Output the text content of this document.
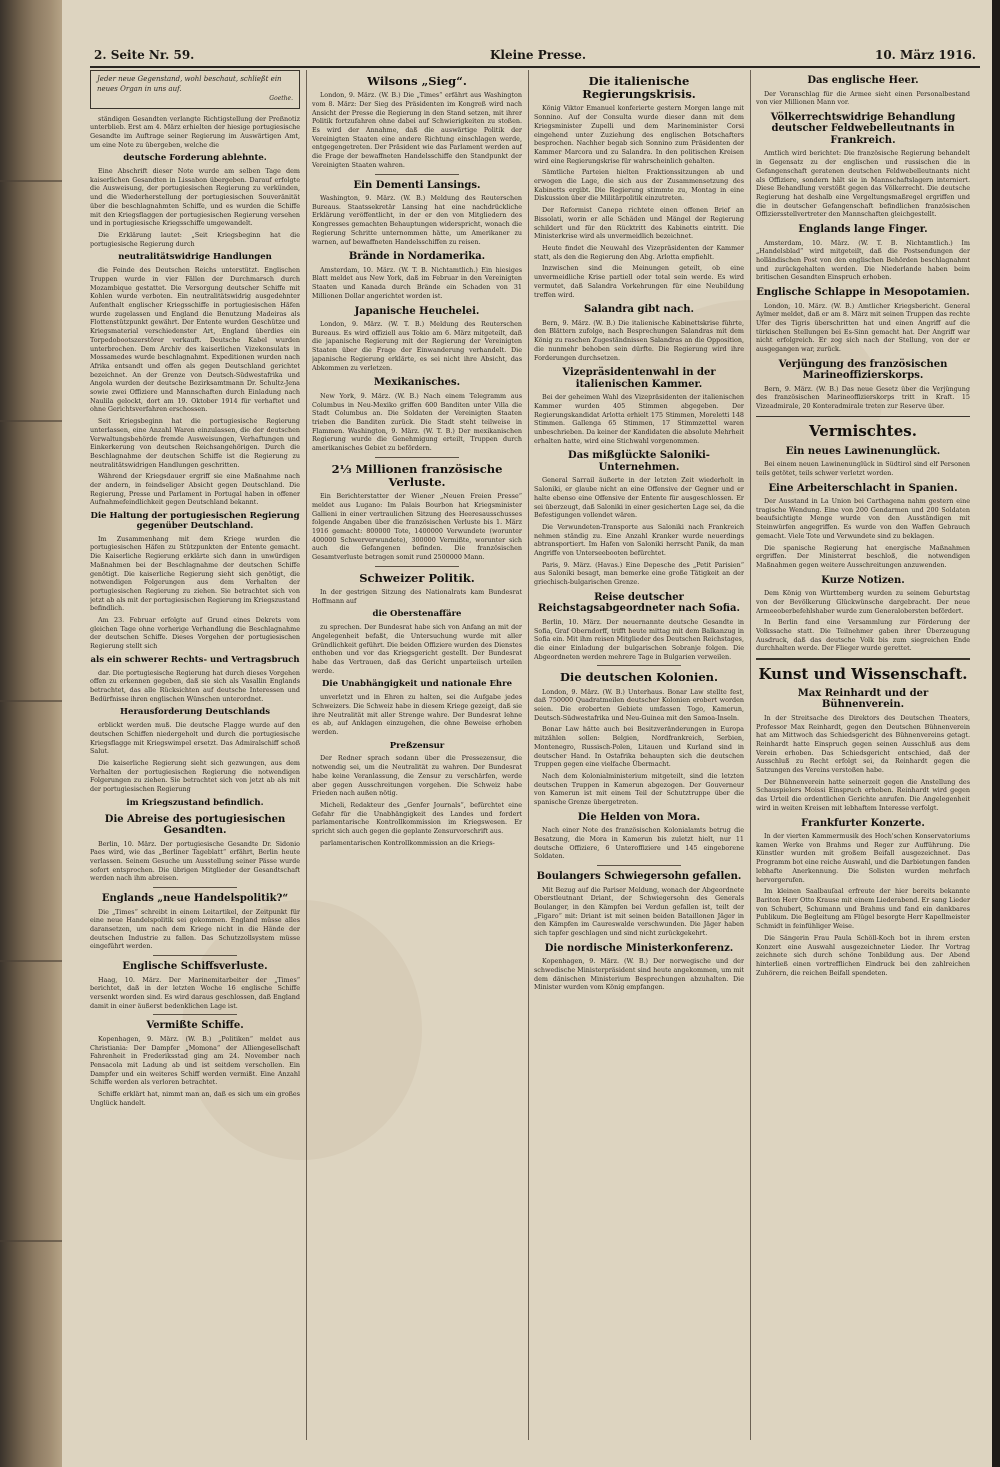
2. Seite Nr. 59.	Kleine Presse.	10. März 1916.
Jeder neue Gegenstand, wohl beschaut, schließt ein neues Organ in uns auf.
Goethe.

ständigen Gesandten verlangte Richtigstellung der Preßnotiz unterblieb. Erst am 4. März erhielten der hiesige portugiesische Gesandte im Auftrage seiner Regierung im Auswärtigen Amt, um eine Note zu übergeben, welche die

deutsche Forderung ablehnte.

Eine Abschrift dieser Note wurde am selben Tage dem kaiserlichen Gesandten in Lissabon übergeben. Darauf erfolgte die Ausweisung, der portugiesischen Regierung zu verkünden, und die Wiederherstellung der portugiesischen Souveränität über die beschlagnahmten Schiffe, und es wurden die Schiffe mit den Kriegsflaggen der portugiesischen Regierung versehen und in portugiesische Kriegsschiffe umgewandelt.

Die Erklärung lautet: „Seit Kriegsbeginn hat die portugiesische Regierung durch

neutralitätswidrige Handlungen

die Feinde des Deutschen Reichs unterstützt. Englischen Truppen wurde in vier Fällen der Durchmarsch durch Mozambique gestattet. Die Versorgung deutscher Schiffe mit Kohlen wurde verboten. Ein neutralitätswidrig ausgedehnter Aufenthalt englischer Kriegsschiffe in portugiesischen Häfen wurde zugelassen und England die Benutzung Madeiras als Flottenstützpunkt gewährt. Der Entente wurden Geschütze und Kriegsmaterial verschiedenster Art, England überdies ein Torpedobootszerstörer verkauft. Deutsche Kabel wurden unterbrochen. Dem Archiv des kaiserlichen Vizekonsulats in Mossamedes wurde beschlagnahmt. Expeditionen wurden nach Afrika entsandt und offen als gegen Deutschland gerichtet bezeichnet. An der Grenze von Deutsch-Südwestafrika und Angola wurden der deutsche Bezirksamtmann Dr. Schultz-Jena sowie zwei Offiziere und Mannschaften durch Einladung nach Naulila gelockt, dort am 19. Oktober 1914 für verhaftet und ohne Gerichtsverfahren erschossen.

Seit Kriegsbeginn hat die portugiesische Regierung unterlassen, eine Anzahl Waren einzulassen, die der deutschen Verwaltungsbehörde fremde Ausweisungen, Verhaftungen und Einkerkerung von deutschen Reichsangehörigen. Durch die Beschlagnahme der deutschen Schiffe ist die Regierung zu neutralitätswidrigen Handlungen geschritten.

Während der Kriegsdauer ergriff sie eine Maßnahme nach der andern, in feindseliger Absicht gegen Deutschland. Die Regierung, Presse und Parlament in Portugal haben in offener Aufnahmefeindlichkeit gegen Deutschland bekannt.

Die Haltung der portugiesischen Regierung gegenüber Deutschland.

Im Zusammenhang mit dem Kriege wurden die portugiesischen Häfen zu Stützpunkten der Entente gemacht. Die Kaiserliche Regierung erklärte sich dann in unwürdigen Maßnahmen bei der Beschlagnahme der deutschen Schiffe genötigt. Die kaiserliche Regierung sieht sich genötigt, die notwendigen Folgerungen aus dem Verhalten der portugiesischen Regierung zu ziehen. Sie betrachtet sich von jetzt ab als mit der portugiesischen Regierung im Kriegszustand befindlich.

Am 23. Februar erfolgte auf Grund eines Dekrets vom gleichen Tage ohne vorherige Verhandlung die Beschlagnahme der deutschen Schiffe. Dieses Vorgehen der portugiesischen Regierung stellt sich

als ein schwerer Rechts- und Vertragsbruch

dar. Die portugiesische Regierung hat durch dieses Vorgehen offen zu erkennen gegeben, daß sie sich als Vasallin Englands betrachtet, das alle Rücksichten auf deutsche Interessen und Bedürfnisse ihren englischen Wünschen unterordnet.

Herausforderung Deutschlands

erblickt werden muß. Die deutsche Flagge wurde auf den deutschen Schiffen niedergeholt und durch die portugiesische Kriegsflagge mit Kriegswimpel ersetzt. Das Admiralschiff schoß Salut.

Die kaiserliche Regierung sieht sich gezwungen, aus dem Verhalten der portugiesischen Regierung die notwendigen Folgerungen zu ziehen. Sie betrachtet sich von jetzt ab als mit der portugiesischen Regierung

im Kriegszustand befindlich.
Die Abreise des portugiesischen Gesandten.

Berlin, 10. März. Der portugiesische Gesandte Dr. Sidonio Paes wird, wie das „Berliner Tageblatt“ erfährt, Berlin heute verlassen. Seinem Gesuche um Ausstellung seiner Pässe wurde sofort entsprochen. Die übrigen Mitglieder der Gesandtschaft werden nach ihm abreisen.

Englands „neue Handelspolitik?“

Die „Times“ schreibt in einem Leitartikel, der Zeitpunkt für eine neue Handelspolitik sei gekommen. England müsse alles daransetzen, um nach dem Kriege nicht in die Hände der deutschen Industrie zu fallen. Das Schutzzollsystem müsse eingeführt werden.

Englische Schiffsverluste.

Haag, 10. März. Der Marinemitarbeiter der „Times“ berichtet, daß in der letzten Woche 16 englische Schiffe versenkt worden sind. Es wird daraus geschlossen, daß England damit in einer äußerst bedenklichen Lage ist.

Vermißte Schiffe.

Kopenhagen, 9. März. (W. B.) „Politiken“ meldet aus Christiania: Der Dampfer „Momona“ der Alliengesellschaft Fahrenheit in Frederiksstad ging am 24. November nach Pensacola mit Ladung ab und ist seitdem verschollen. Ein Dampfer und ein weiteres Schiff werden vermißt. Eine Anzahl Schiffe werden als verloren betrachtet.

Schiffe erklärt hat, nimmt man an, daß es sich um ein großes Unglück handelt.

Wilsons „Sieg“.

London, 9. März. (W. B.) Die „Times“ erfährt aus Washington vom 8. März: Der Sieg des Präsidenten im Kongreß wird nach Ansicht der Presse die Regierung in den Stand setzen, mit ihrer Politik fortzufahren ohne dabei auf Schwierigkeiten zu stoßen. Es wird der Annahme, daß die auswärtige Politik der Vereinigten Staaten eine andere Richtung einschlagen werde, entgegengetreten. Der Präsident wie das Parlament werden auf die Frage der bewaffneten Handelsschiffe den Standpunkt der Vereinigten Staaten wahren.

Ein Dementi Lansings.

Washington, 9. März. (W. B.) Meldung des Reuterschen Bureaus. Staatssekretär Lansing hat eine nachdrückliche Erklärung veröffentlicht, in der er den von Mitgliedern des Kongresses gemachten Behauptungen widerspricht, wonach die Regierung Schritte unternommen hätte, um Amerikaner zu warnen, auf bewaffneten Handelsschiffen zu reisen.

Brände in Nordamerika.

Amsterdam, 10. März. (W. T. B. Nichtamtlich.) Ein hiesiges Blatt meldet aus New York, daß im Februar in den Vereinigten Staaten und Kanada durch Brände ein Schaden von 31 Millionen Dollar angerichtet worden ist.

Japanische Heuchelei.

London, 9. März. (W. T. B.) Meldung des Reuterschen Bureaus. Es wird offiziell aus Tokio am 6. März mitgeteilt, daß die japanische Regierung mit der Regierung der Vereinigten Staaten über die Frage der Einwanderung verhandelt. Die japanische Regierung erklärte, es sei nicht ihre Absicht, das Abkommen zu verletzen.

Mexikanisches.

New York, 9. März. (W. B.) Nach einem Telegramm aus Columbus in Neu-Mexiko griffen 600 Banditen unter Villa die Stadt Columbus an. Die Soldaten der Vereinigten Staaten trieben die Banditen zurück. Die Stadt steht teilweise in Flammen. Washington, 9. März. (W. T. B.) Der mexikanischen Regierung wurde die Genehmigung erteilt, Truppen durch amerikanisches Gebiet zu befördern.

2⅓ Millionen französische Verluste.

Ein Berichterstatter der Wiener „Neuen Freien Presse“ meldet aus Lugano: Im Palais Bourbon hat Kriegsminister Gallieni in einer vertraulichen Sitzung des Heeresausschusses folgende Angaben über die französischen Verluste bis 1. März 1916 gemacht: 800000 Tote, 1400000 Verwundete (worunter 400000 Schwerverwundete), 300000 Vermißte, worunter sich auch die Gefangenen befinden. Die französischen Gesamtverluste betragen somit rund 2500000 Mann.

Schweizer Politik.

In der gestrigen Sitzung des Nationalrats kam Bundesrat Hoffmann auf

die Oberstenaffäre

zu sprechen. Der Bundesrat habe sich von Anfang an mit der Angelegenheit befaßt, die Untersuchung wurde mit aller Gründlichkeit geführt. Die beiden Offiziere wurden des Dienstes enthoben und vor das Kriegsgericht gestellt. Der Bundesrat habe das Vertrauen, daß das Gericht unparteiisch urteilen werde.

Die Unabhängigkeit und nationale Ehre

unverletzt und in Ehren zu halten, sei die Aufgabe jedes Schweizers. Die Schweiz habe in diesem Kriege gezeigt, daß sie ihre Neutralität mit aller Strenge wahre. Der Bundesrat lehne es ab, auf Anklagen einzugehen, die ohne Beweise erhoben werden.

Preßzensur

Der Redner sprach sodann über die Pressezensur, die notwendig sei, um die Neutralität zu wahren. Der Bundesrat habe keine Veranlassung, die Zensur zu verschärfen, werde aber gegen Ausschreitungen vorgehen. Die Schweiz habe Frieden nach außen nötig.

Micheli, Redakteur des „Genfer Journals“, befürchtet eine Gefahr für die Unabhängigkeit des Landes und fordert parlamentarische Kontrollkommission im Kriegswesen. Er spricht sich auch gegen die geplante Zensurvorschrift aus.

parlamentarischen Kontrollkommission an die Kriegs-

Die italienische Regierungskrisis.

König Viktor Emanuel konferierte gestern Morgen lange mit Sonnino. Auf der Consulta wurde dieser dann mit dem Kriegsminister Zupelli und dem Marineminister Corsi eingehend unter Zuziehung des englischen Botschafters besprochen. Nachher begab sich Sonnino zum Präsidenten der Kammer Marcora und zu Salandra. In den politischen Kreisen wird eine Regierungskrise für wahrscheinlich gehalten.

Sämtliche Parteien hielten Fraktionssitzungen ab und erwogen die Lage, die sich aus der Zusammensetzung des Kabinetts ergibt. Die Regierung stimmte zu, Montag in eine Diskussion über die Militärpolitik einzutreten.

Der Reformist Canepa richtete einen offenen Brief an Bissolati, worin er alle Schäden und Mängel der Regierung schildert und für den Rücktritt des Kabinetts eintritt. Die Ministerkrise wird als unvermeidlich bezeichnet.

Heute findet die Neuwahl des Vizepräsidenten der Kammer statt, als den die Regierung den Abg. Arlotta empfiehlt.

Inzwischen sind die Meinungen geteilt, ob eine unvermeidliche Krise partiell oder total sein werde. Es wird vermutet, daß Salandra Vorkehrungen für eine Neubildung treffen wird.

Salandra gibt nach.

Bern, 9. März. (W. B.) Die italienische Kabinettskrise führte, den Blättern zufolge, nach Besprechungen Salandras mit dem König zu raschen Zugeständnissen Salandras an die Opposition, die nunmehr behoben sein dürfte. Die Regierung wird ihre Forderungen durchsetzen.

Vizepräsidentenwahl in der italienischen Kammer.

Bei der geheimen Wahl des Vizepräsidenten der italienischen Kammer wurden 405 Stimmen abgegeben. Der Regierungskandidat Arlotta erhielt 175 Stimmen, Moreletti 148 Stimmen. Gallenga 65 Stimmen, 17 Stimmzettel waren unbeschrieben. Da keiner der Kandidaten die absolute Mehrheit erhalten hatte, wird eine Stichwahl vorgenommen.

Das mißglückte Saloniki-Unternehmen.

General Sarrail äußerte in der letzten Zeit wiederholt in Saloniki, er glaube nicht an eine Offensive der Gegner und er halte ebenso eine Offensive der Entente für ausgeschlossen. Er sei überzeugt, daß Saloniki in einer gesicherten Lage sei, da die Befestigungen vollendet wären.

Die Verwundeten-Transporte aus Saloniki nach Frankreich nehmen ständig zu. Eine Anzahl Kranker wurde neuerdings abtransportiert. Im Hafen von Saloniki herrscht Panik, da man Angriffe von Unterseebooten befürchtet.

Paris, 9. März. (Havas.) Eine Depesche des „Petit Parisien“ aus Saloniki besagt, man bemerke eine große Tätigkeit an der griechisch-bulgarischen Grenze.

Reise deutscher Reichstagsabgeordneter nach Sofia.

Berlin, 10. März. Der neuernannte deutsche Gesandte in Sofia, Graf Oberndorff, trifft heute mittag mit dem Balkanzug in Sofia ein. Mit ihm reisen Mitglieder des Deutschen Reichstages, die einer Einladung der bulgarischen Sobranje folgen. Die Abgeordneten werden mehrere Tage in Bulgarien verweilen.

Die deutschen Kolonien.

London, 9. März. (W. B.) Unterhaus. Bonar Law stellte fest, daß 750000 Quadratmeilen deutscher Kolonien erobert worden seien. Die eroberten Gebiete umfassen Togo, Kamerun, Deutsch-Südwestafrika und Neu-Guinea mit den Samoa-Inseln.

Bonar Law hätte auch bei Besitzveränderungen in Europa mitzählen sollen: Belgien, Nordfrankreich, Serbien, Montenegro, Russisch-Polen, Litauen und Kurland sind in deutscher Hand. In Ostafrika behaupten sich die deutschen Truppen gegen eine vielfache Übermacht.

Nach dem Kolonialministerium mitgeteilt, sind die letzten deutschen Truppen in Kamerun abgezogen. Der Gouverneur von Kamerun ist mit einem Teil der Schutztruppe über die spanische Grenze übergetreten.

Die Helden von Mora.

Nach einer Note des französischen Kolonialamts betrug die Besatzung, die Mora in Kamerun bis zuletzt hielt, nur 11 deutsche Offiziere, 6 Unteroffiziere und 145 eingeborene Soldaten.

Boulangers Schwiegersohn gefallen.

Mit Bezug auf die Pariser Meldung, wonach der Abgeordnete Oberstleutnant Driant, der Schwiegersohn des Generals Boulanger, in den Kämpfen bei Verdun gefallen ist, teilt der „Figaro“ mit: Driant ist mit seinen beiden Bataillonen Jäger in den Kämpfen im Caureswalde verschwunden. Die Jäger haben sich tapfer geschlagen und sind nicht zurückgekehrt.

Die nordische Ministerkonferenz.

Kopenhagen, 9. März. (W. B.) Der norwegische und der schwedische Ministerpräsident sind heute angekommen, um mit dem dänischen Ministerium Besprechungen abzuhalten. Die Minister wurden vom König empfangen.

Das englische Heer.

Der Voranschlag für die Armee sieht einen Personalbestand von vier Millionen Mann vor.

Völkerrechtswidrige Behandlung deutscher Feldwebelleutnants in Frankreich.

Amtlich wird berichtet: Die französische Regierung behandelt in Gegensatz zu der englischen und russischen die in Gefangenschaft geratenen deutschen Feldwebelleutnants nicht als Offiziere, sondern hält sie in Mannschaftslagern interniert. Diese Behandlung verstößt gegen das Völkerrecht. Die deutsche Regierung hat deshalb eine Vergeltungsmaßregel ergriffen und die in deutscher Gefangenschaft befindlichen französischen Offiziersstellvertreter den Mannschaften gleichgestellt.

Englands lange Finger.

Amsterdam, 10. März. (W. T. B. Nichtamtlich.) Im „Handelsblad“ wird mitgeteilt, daß die Postsendungen der holländischen Post von den englischen Behörden beschlagnahmt und zurückgehalten werden. Die Niederlande haben beim britischen Gesandten Einspruch erhoben.

Englische Schlappe in Mesopotamien.

London, 10. März. (W. B.) Amtlicher Kriegsbericht. General Aylmer meldet, daß er am 8. März mit seinen Truppen das rechte Ufer des Tigris überschritten hat und einen Angriff auf die türkischen Stellungen bei Es-Sinn gemacht hat. Der Angriff war nicht erfolgreich. Er zog sich nach der Stellung, von der er ausgegangen war, zurück.

Verjüngung des französischen Marineoffizierskorps.

Bern, 9. März. (W. B.) Das neue Gesetz über die Verjüngung des französischen Marineoffizierskorps tritt in Kraft. 15 Vizeadmirale, 20 Konteradmirale treten zur Reserve über.

Vermischtes.
Ein neues Lawinenunglück.

Bei einem neuen Lawinenunglück in Südtirol sind elf Personen teils getötet, teils schwer verletzt worden.

Eine Arbeiterschlacht in Spanien.

Der Ausstand in La Union bei Carthagena nahm gestern eine tragische Wendung. Eine von 200 Gendarmen und 200 Soldaten beaufsichtigte Menge wurde von den Ausständigen mit Steinwürfen angegriffen. Es wurde von den Waffen Gebrauch gemacht. Viele Tote und Verwundete sind zu beklagen.

Die spanische Regierung hat energische Maßnahmen ergriffen. Der Ministerrat beschloß, die notwendigen Maßnahmen gegen weitere Ausschreitungen anzuwenden.

Kurze Notizen.

Dem König von Württemberg wurden zu seinem Geburtstag von der Bevölkerung Glückwünsche dargebracht. Der neue Armeeoberbefehlshaber wurde zum Generalobersten befördert.

In Berlin fand eine Versammlung zur Förderung der Volkssache statt. Die Teilnehmer gaben ihrer Überzeugung Ausdruck, daß das deutsche Volk bis zum siegreichen Ende durchhalten werde. Der Flieger wurde gerettet.

Kunst und Wissenschaft.
Max Reinhardt und der Bühnenverein.

In der Streitsache des Direktors des Deutschen Theaters, Professor Max Reinhardt, gegen den Deutschen Bühnenverein hat am Mittwoch das Schiedsgericht des Bühnenvereins getagt. Reinhardt hatte Einspruch gegen seinen Ausschluß aus dem Verein erhoben. Das Schiedsgericht entschied, daß der Ausschluß zu Recht erfolgt sei, da Reinhardt gegen die Satzungen des Vereins verstoßen habe.

Der Bühnenverein hatte seinerzeit gegen die Anstellung des Schauspielers Moissi Einspruch erhoben. Reinhardt wird gegen das Urteil die ordentlichen Gerichte anrufen. Die Angelegenheit wird in weiten Kreisen mit lebhaftem Interesse verfolgt.

Frankfurter Konzerte.

In der vierten Kammermusik des Hoch'schen Konservatoriums kamen Werke von Brahms und Reger zur Aufführung. Die Künstler wurden mit großem Beifall ausgezeichnet. Das Programm bot eine reiche Auswahl, und die Darbietungen fanden lebhafte Anerkennung. Die Solisten wurden mehrfach hervorgerufen.

Im kleinen Saalbauſaal erfreute der hier bereits bekannte Bariton Herr Otto Krause mit einem Liederabend. Er sang Lieder von Schubert, Schumann und Brahms und fand ein dankbares Publikum. Die Begleitung am Flügel besorgte Herr Kapellmeister Schmidt in feinfühliger Weise.

Die Sängerin Frau Paula Schöll-Koch bot in ihrem ersten Konzert eine Auswahl ausgezeichneter Lieder. Ihr Vortrag zeichnete sich durch schöne Tonbildung aus. Der Abend hinterließ einen vortrefflichen Eindruck bei den zahlreichen Zuhörern, die reichen Beifall spendeten.
